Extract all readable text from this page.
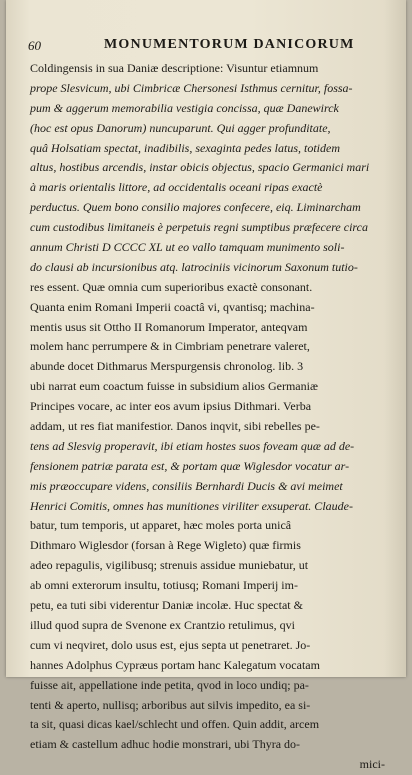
60	MONUMENTORUM DANICORUM
Coldingensis in sua Daniæ descriptione: Visuntur etiamnum
prope Slesvicum, ubi Cimbricæ Chersonesi Isthmus cernitur, fossa-
pum & aggerum memorabilia vestigia concissa, quæ Danewirck
(hoc est opus Danorum) nuncuparunt. Qui agger profunditate,
quâ Holsatiam spectat, inadibilis, sexaginta pedes latus, totidem
altus, hostibus arcendis, instar obicis objectus, spacio Germanici mari
à maris orientalis littore, ad occidentalis oceani ripas exactè
perductus. Quem bono consilio majores confecere, eiq. Liminarcham
cum custodibus limitaneis è perpetuis regni sumptibus præfecere circa
annum Christi D CCCC XL ut eo vallo tamquam munimento soli-
do clausi ab incursionibus atq. latrociniis vicinorum Saxonum tutio-
res essent. Quæ omnia cum superioribus exactè consonant.
Quanta enim Romani Imperii coactâ vi, qvantisq; machina-
mentis usus sit Ottho II Romanorum Imperator, anteqvam
molem hanc perrumpere & in Cimbriam penetrare valeret,
abunde docet Dithmarus Merspurgensis chronolog. lib. 3
ubi narrat eum coactum fuisse in subsidium alios Germaniæ
Principes vocare, ac inter eos avum ipsius Dithmari. Verba
addam, ut res fiat manifestior. Danos inqvit, sibi rebelles pe-
tens ad Slesvig properavit, ibi etiam hostes suos foveam quæ ad de-
fensionem patriæ parata est, & portam quæ Wiglesdor vocatur ar-
mis præoccupare videns, consiliis Bernhardi Ducis & avi meimet
Henrici Comitis, omnes has munitiones viriliter exsuperat. Claude-
batur, tum temporis, ut apparet, hæc moles porta unicâ
Dithmaro Wiglesdor (forsan à Rege Wigleto) quæ firmis
adeo repagulis, vigilibusq; strenuis assidue muniebatur, ut
ab omni exterorum insultu, totiusq; Romani Imperij im-
petu, ea tuti sibi viderentur Daniæ incolæ. Huc spectat &
illud quod supra de Svenone ex Crantzio retulimus, qvi
cum vi neqviret, dolo usus est, ejus septa ut penetraret. Jo-
hannes Adolphus Cypræus portam hanc Kalegatum vocatam
fuisse ait, appellatione inde petita, qvod in loco undiq; pa-
tenti & aperto, nullisq; arboribus aut silvis impedito, ea si-
ta sit, quasi dicas kael/schlecht und offen. Quin addit, arcem
etiam & castellum adhuc hodie monstrari, ubi Thyra do-
mici-
